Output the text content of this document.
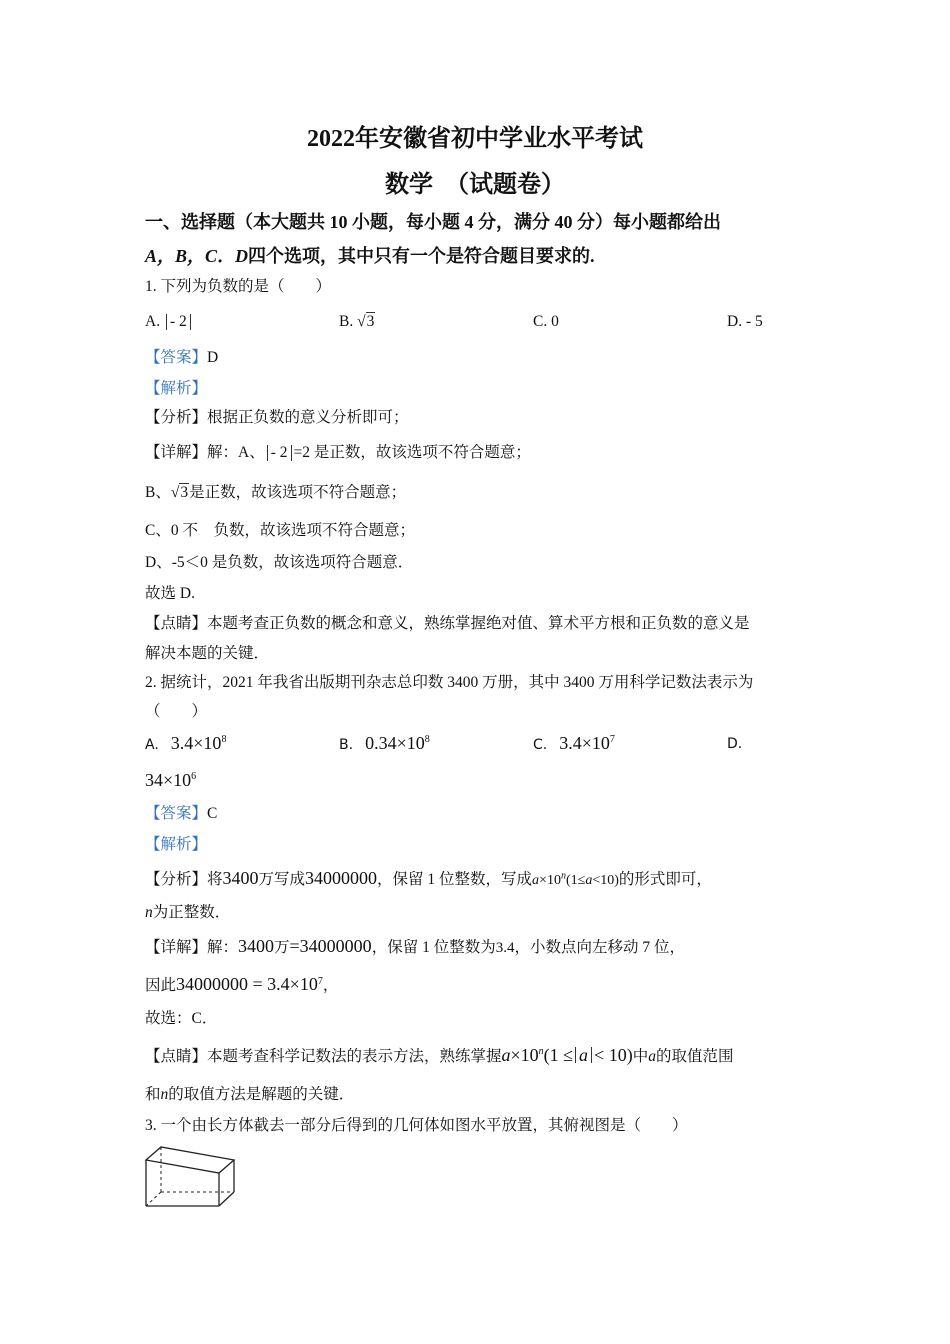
2022年安徽省初中学业水平考试
数学　（试题卷）
一、选择题（本大题共 10 小题，每小题 4 分，满分 40 分）每小题都给出
A，B，C．D四个选项，其中只有一个是符合题目要求的.
1. 下列为负数的是（　　）
A. - 2	B. √3	C. 0	D. - 5
【答案】D
【解析】
【分析】根据正负数的意义分析即可；
【详解】解：A、 - 2 =2 是正数，故该选项不符合题意；
B、√3是正数，故该选项不符合题意；
C、0 不　负数，故该选项不符合题意；
D、-5＜0 是负数，故该选项符合题意．
故选 D.
【点睛】本题考查正负数的概念和意义，熟练掌握绝对值、算术平方根和正负数的意义是
解决本题的关键．
2. 据统计，2021 年我省出版期刊杂志总印数 3400 万册，其中 3400 万用科学记数法表示为
（　　）
A. $3.4\times 10^8$	B. $0.34\times 10^8$	C. $3.4\times 10^7$	D.
$34\times 10^6$
【答案】C
【解析】
【分析】将3400万写成34000000，保留 1 位整数，写成$a\times 10^n(1\le a<10)$的形式即可，
n为正整数．
【详解】解：3400万=34000000，保留 1 位整数为3.4，小数点向左移动 7 位，
因此$34000000 = 3.4\times 10^7$，
故选：C．
【点睛】本题考查科学记数法的表示方法，熟练掌握$a\times 10^n(1 \le a < 10)$中a的取值范围
和n的取值方法是解题的关键．
3. 一个由长方体截去一部分后得到的几何体如图水平放置，其俯视图是（　　）
